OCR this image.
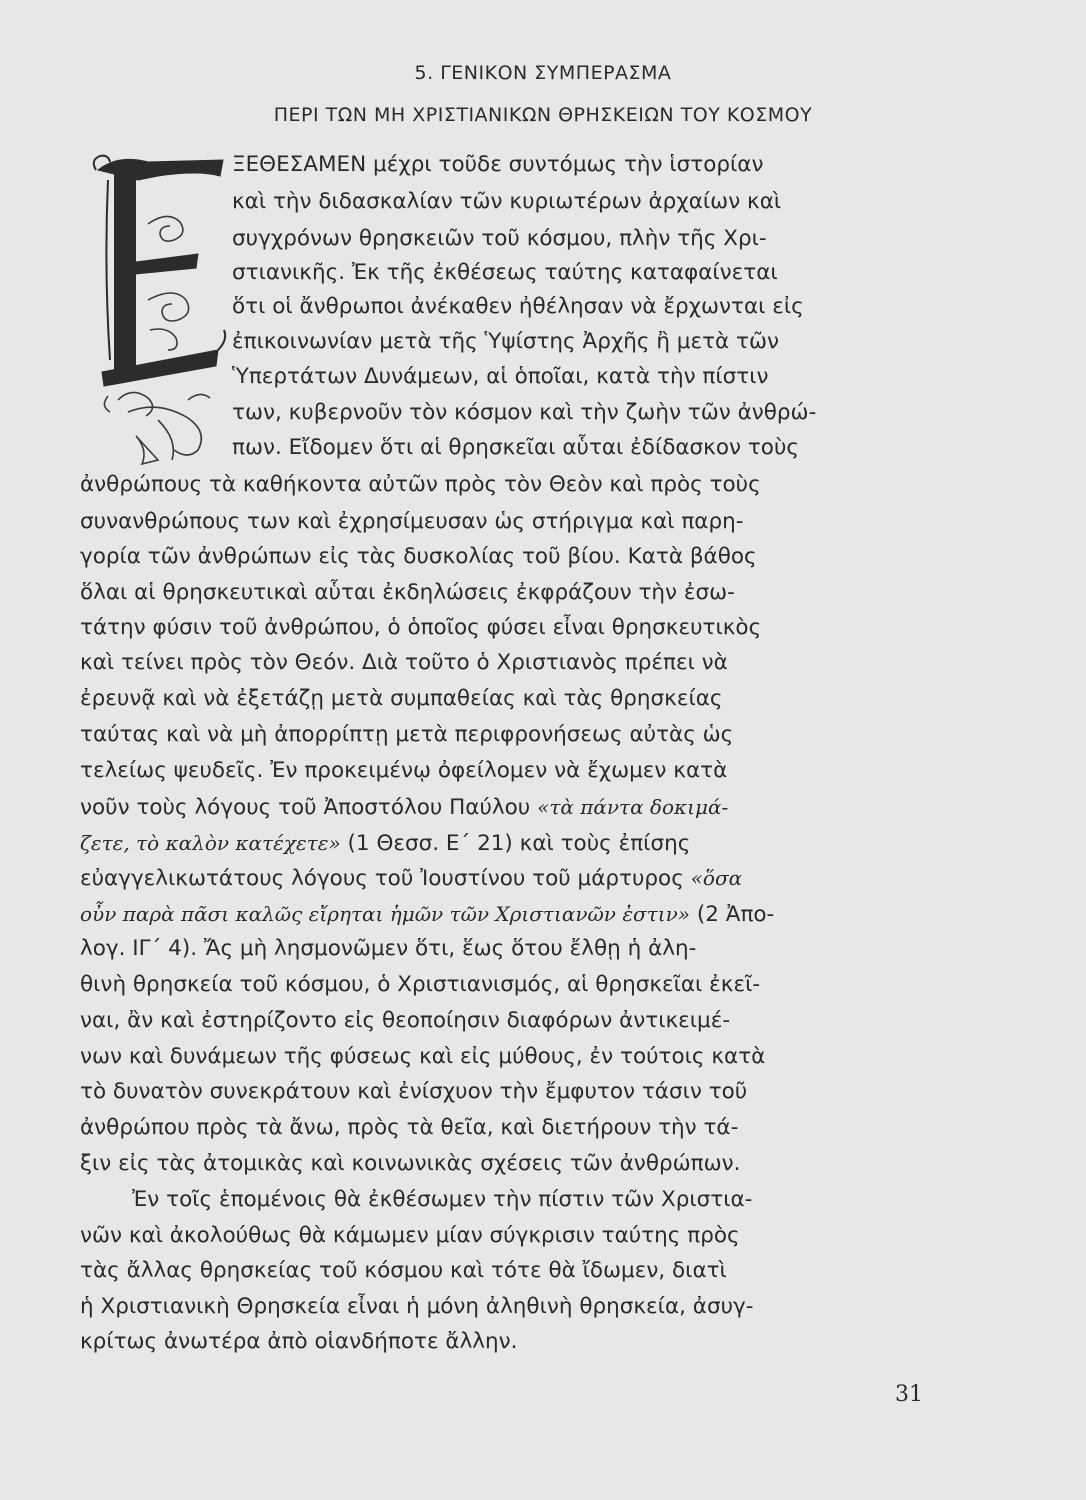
5. ΓΕΝΙΚΟΝ ΣΥΜΠΕΡΑΣΜΑ
ΠΕΡΙ ΤΩΝ ΜΗ ΧΡΙΣΤΙΑΝΙΚΩΝ ΘΡΗΣΚΕΙΩΝ ΤΟΥ ΚΟΣΜΟΥ
ΞΕΘΕΣΑΜΕΝ μέχρι τοῦδε συντόμως τὴν ἱστορίαν
καὶ τὴν διδασκαλίαν τῶν κυριωτέρων ἀρχαίων καὶ
συγχρόνων θρησκειῶν τοῦ κόσμου, πλὴν τῆς Χρι-
στιανικῆς. Ἐκ τῆς ἐκθέσεως ταύτης καταφαίνεται
ὅτι οἱ ἄνθρωποι ἀνέκαθεν ἠθέλησαν νὰ ἔρχωνται εἰς
ἐπικοινωνίαν μετὰ τῆς Ὑψίστης Ἀρχῆς ἢ μετὰ τῶν
Ὑπερτάτων Δυνάμεων, αἱ ὁποῖαι, κατὰ τὴν πίστιν
των, κυβερνοῦν τὸν κόσμον καὶ τὴν ζωὴν τῶν ἀνθρώ-
πων. Εἴδομεν ὅτι αἱ θρησκεῖαι αὗται ἐδίδασκον τοὺς
ἀνθρώπους τὰ καθήκοντα αὐτῶν πρὸς τὸν Θεὸν καὶ πρὸς τοὺς
συνανθρώπους των καὶ ἐχρησίμευσαν ὡς στήριγμα καὶ παρη-
γορία τῶν ἀνθρώπων εἰς τὰς δυσκολίας τοῦ βίου. Κατὰ βάθος
ὅλαι αἱ θρησκευτικαὶ αὗται ἐκδηλώσεις ἐκφράζουν τὴν ἐσω-
τάτην φύσιν τοῦ ἀνθρώπου, ὁ ὁποῖος φύσει εἶναι θρησκευτικὸς
καὶ τείνει πρὸς τὸν Θεόν. Διὰ τοῦτο ὁ Χριστιανὸς πρέπει νὰ
ἐρευνᾷ καὶ νὰ ἐξετάζῃ μετὰ συμπαθείας καὶ τὰς θρησκείας
ταύτας καὶ νὰ μὴ ἀπορρίπτῃ μετὰ περιφρονήσεως αὐτὰς ὡς
τελείως ψευδεῖς. Ἐν προκειμένῳ ὀφείλομεν νὰ ἔχωμεν κατὰ
νοῦν τοὺς λόγους τοῦ Ἀποστόλου Παύλου «τὰ πάντα δοκιμά-
ζετε, τὸ καλὸν κατέχετε» (1 Θεσσ. Ε΄ 21) καὶ τοὺς ἐπίσης
εὐαγγελικωτάτους λόγους τοῦ Ἰουστίνου τοῦ μάρτυρος «ὅσα
οὖν παρὰ πᾶσι καλῶς εἴρηται ἡμῶν τῶν Χριστιανῶν ἐστιν» (2 Ἀπο-
λογ. ΙΓ΄ 4). Ἄς μὴ λησμονῶμεν ὅτι, ἕως ὅτου ἔλθῃ ἡ ἀλη-
θινὴ θρησκεία τοῦ κόσμου, ὁ Χριστιανισμός, αἱ θρησκεῖαι ἐκεῖ-
ναι, ἂν καὶ ἐστηρίζοντο εἰς θεοποίησιν διαφόρων ἀντικειμέ-
νων καὶ δυνάμεων τῆς φύσεως καὶ εἰς μύθους, ἐν τούτοις κατὰ
τὸ δυνατὸν συνεκράτουν καὶ ἐνίσχυον τὴν ἔμφυτον τάσιν τοῦ
ἀνθρώπου πρὸς τὰ ἄνω, πρὸς τὰ θεῖα, καὶ διετήρουν τὴν τά-
ξιν εἰς τὰς ἀτομικὰς καὶ κοινωνικὰς σχέσεις τῶν ἀνθρώπων.
Ἐν τοῖς ἑπομένοις θὰ ἐκθέσωμεν τὴν πίστιν τῶν Χριστια-
νῶν καὶ ἀκολούθως θὰ κάμωμεν μίαν σύγκρισιν ταύτης πρὸς
τὰς ἄλλας θρησκείας τοῦ κόσμου καὶ τότε θὰ ἴδωμεν, διατὶ
ἡ Χριστιανικὴ Θρησκεία εἶναι ἡ μόνη ἀληθινὴ θρησκεία, ἀσυγ-
κρίτως ἀνωτέρα ἀπὸ οἱανδήποτε ἄλλην.
31
